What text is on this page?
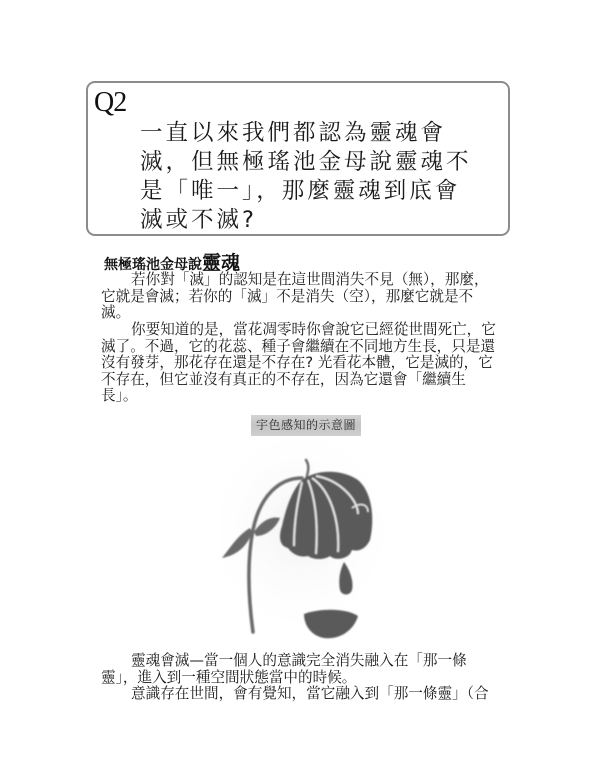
Q2
一直以來我們都認為靈魂會
滅，但無極瑤池金母說靈魂不
是「唯一」，那麼靈魂到底會
滅或不滅?
無極瑤池金母說靈魂
若你對「滅」的認知是在這世間消失不見（無），那麼，
它就是會滅；若你的「滅」不是消失（空），那麼它就是不
滅。
你要知道的是，當花凋零時你會說它已經從世間死亡，它
滅了。不過，它的花蕊、種子會繼續在不同地方生長，只是還
沒有發芽，那花存在還是不存在? 光看花本體，它是滅的，它
不存在，但它並沒有真正的不存在，因為它還會「繼續生
長」。
宇色感知的示意圖
靈魂會滅—當一個人的意識完全消失融入在「那一條
靈」，進入到一種空間狀態當中的時候。
意識存在世間，會有覺知，當它融入到「那一條靈」（合
